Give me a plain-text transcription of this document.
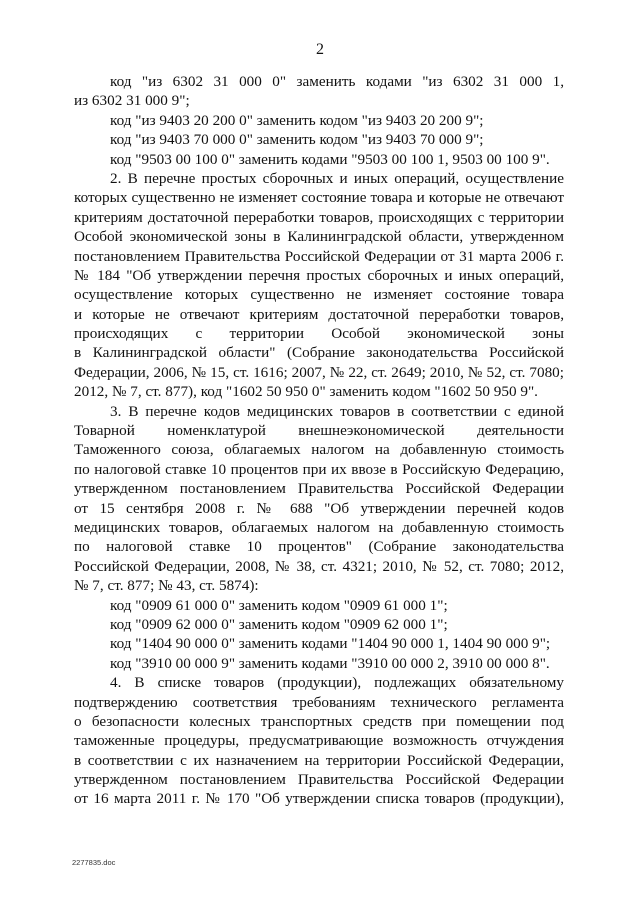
2
код "из 6302 31 000 0" заменить кодами "из 6302 31 000 1,
из 6302 31 000 9";
код "из 9403 20 200 0" заменить кодом "из 9403 20 200 9";
код "из 9403 70 000 0" заменить кодом "из 9403 70 000 9";
код "9503 00 100 0" заменить кодами "9503 00 100 1, 9503 00 100 9".
2. В перечне простых сборочных и иных операций, осуществление
которых существенно не изменяет состояние товара и которые не отвечают
критериям достаточной переработки товаров, происходящих с территории
Особой экономической зоны в Калининградской области, утвержденном
постановлением Правительства Российской Федерации от 31 марта 2006 г.
№ 184 "Об утверждении перечня простых сборочных и иных операций,
осуществление которых существенно не изменяет состояние товара
и которые не отвечают критериям достаточной переработки товаров,
происходящих с территории Особой экономической зоны
в Калининградской области" (Собрание законодательства Российской
Федерации, 2006, № 15, ст. 1616; 2007, № 22, ст. 2649; 2010, № 52, ст. 7080;
2012, № 7, ст. 877), код "1602 50 950 0" заменить кодом "1602 50 950 9".
3. В перечне кодов медицинских товаров в соответствии с единой
Товарной номенклатурой внешнеэкономической деятельности
Таможенного союза, облагаемых налогом на добавленную стоимость
по налоговой ставке 10 процентов при их ввозе в Российскую Федерацию,
утвержденном постановлением Правительства Российской Федерации
от 15 сентября 2008 г. № 688 "Об утверждении перечней кодов
медицинских товаров, облагаемых налогом на добавленную стоимость
по налоговой ставке 10 процентов" (Собрание законодательства
Российской Федерации, 2008, № 38, ст. 4321; 2010, № 52, ст. 7080; 2012,
№ 7, ст. 877; № 43, ст. 5874):
код "0909 61 000 0" заменить кодом "0909 61 000 1";
код "0909 62 000 0" заменить кодом "0909 62 000 1";
код "1404 90 000 0" заменить кодами "1404 90 000 1, 1404 90 000 9";
код "3910 00 000 9" заменить кодами "3910 00 000 2, 3910 00 000 8".
4. В списке товаров (продукции), подлежащих обязательному
подтверждению соответствия требованиям технического регламента
о безопасности колесных транспортных средств при помещении под
таможенные процедуры, предусматривающие возможность отчуждения
в соответствии с их назначением на территории Российской Федерации,
утвержденном постановлением Правительства Российской Федерации
от 16 марта 2011 г. № 170 "Об утверждении списка товаров (продукции),
2277835.doc
